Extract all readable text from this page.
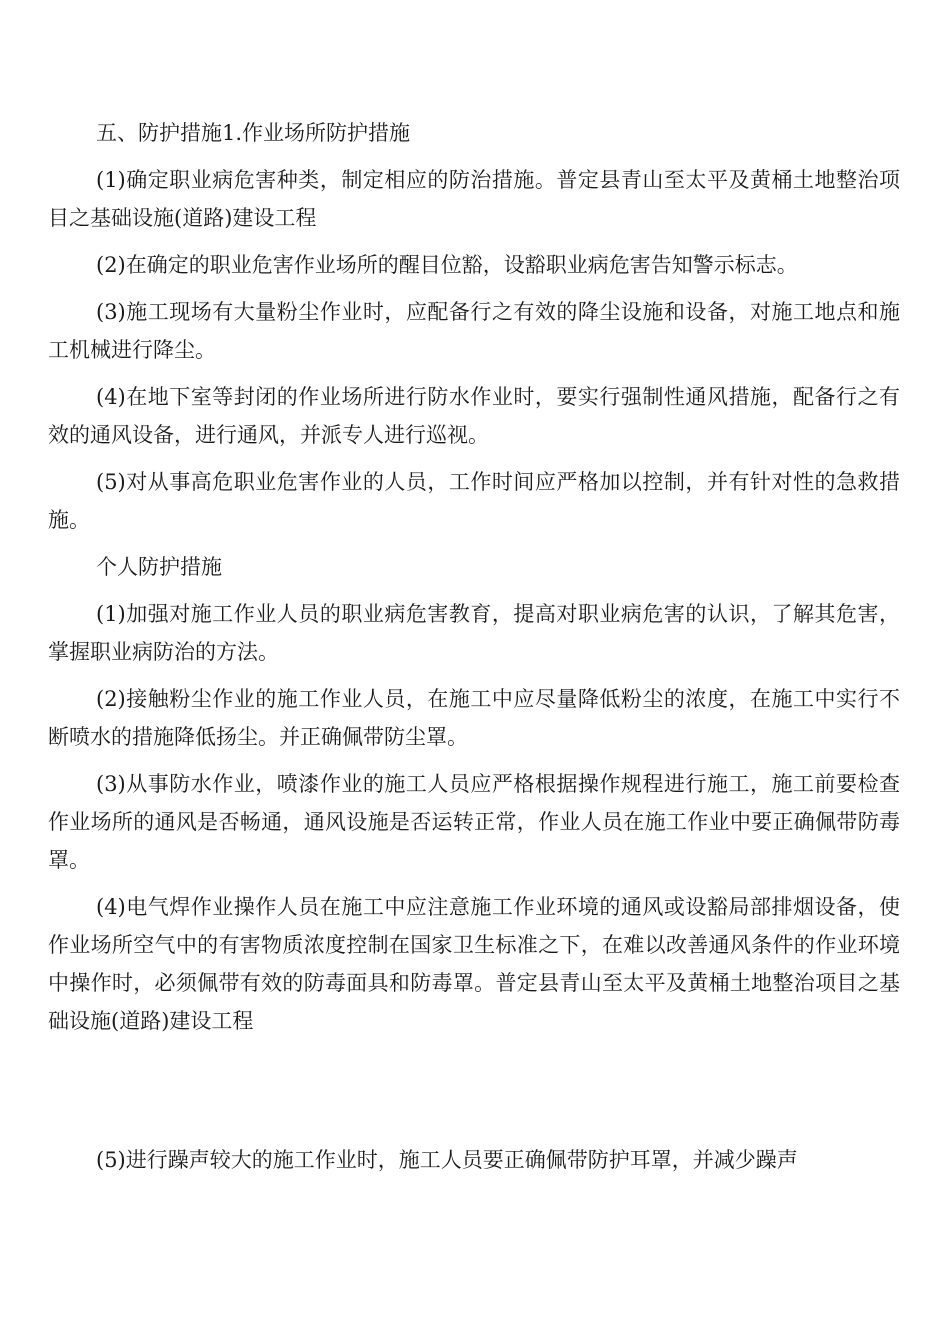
五、防护措施1.作业场所防护措施

(1)确定职业病危害种类，制定相应的防治措施。普定县青山至太平及黄桶土地整治项目之基础设施(道路)建设工程

(2)在确定的职业危害作业场所的醒目位豁，设豁职业病危害告知警示标志。

(3)施工现场有大量粉尘作业时，应配备行之有效的降尘设施和设备，对施工地点和施工机械进行降尘。

(4)在地下室等封闭的作业场所进行防水作业时，要实行强制性通风措施，配备行之有效的通风设备，进行通风，并派专人进行巡视。

(5)对从事高危职业危害作业的人员，工作时间应严格加以控制，并有针对性的急救措施。

个人防护措施

(1)加强对施工作业人员的职业病危害教育，提高对职业病危害的认识，了解其危害，掌握职业病防治的方法。

(2)接触粉尘作业的施工作业人员，在施工中应尽量降低粉尘的浓度，在施工中实行不断喷水的措施降低扬尘。并正确佩带防尘罩。

(3)从事防水作业，喷漆作业的施工人员应严格根据操作规程进行施工，施工前要检查作业场所的通风是否畅通，通风设施是否运转正常，作业人员在施工作业中要正确佩带防毒罩。

(4)电气焊作业操作人员在施工中应注意施工作业环境的通风或设豁局部排烟设备，使作业场所空气中的有害物质浓度控制在国家卫生标准之下，在难以改善通风条件的作业环境中操作时，必须佩带有效的防毒面具和防毒罩。普定县青山至太平及黄桶土地整治项目之基础设施(道路)建设工程

(5)进行躁声较大的施工作业时，施工人员要正确佩带防护耳罩，并减少躁声
